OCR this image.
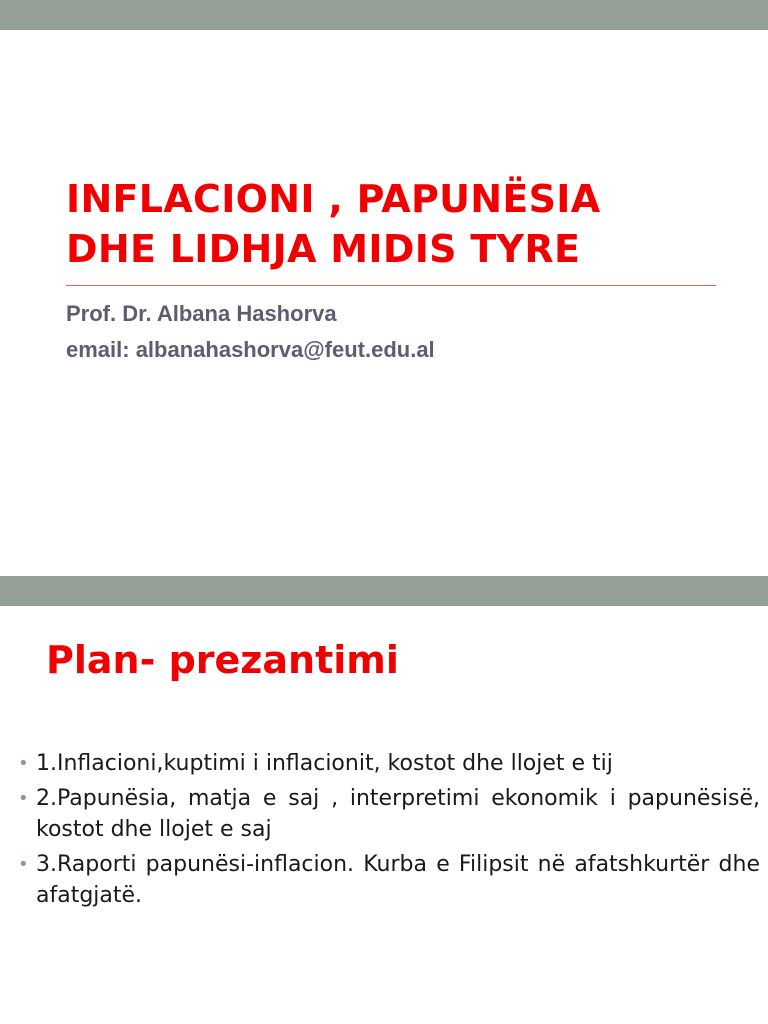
INFLACIONI , PAPUNËSIA
DHE LIDHJA MIDIS TYRE
Prof. Dr. Albana Hashorva
email: albanahashorva@feut.edu.al
Plan- prezantimi
• 1.Inflacioni,kuptimi i inflacionit, kostot dhe llojet e tij
• 2.Papunësia, matja e saj , interpretimi ekonomik i papunësisë, kostot dhe llojet e saj
• 3.Raporti papunësi-inflacion. Kurba e Filipsit në afatshkurtër dhe afatgjatë.
